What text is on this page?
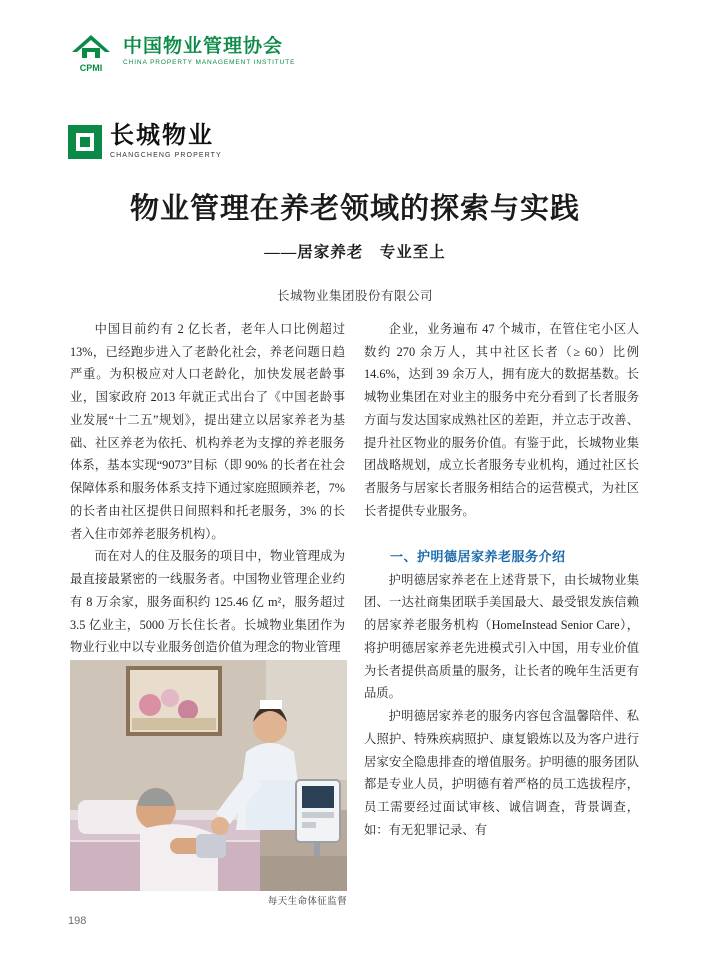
CPMI
中国物业管理协会
CHINA PROPERTY MANAGEMENT INSTITUTE
长城物业
CHANGCHENG PROPERTY
物业管理在养老领域的探索与实践
——居家养老　专业至上
长城物业集团股份有限公司

中国目前约有 2 亿长者，老年人口比例超过 13%，已经跑步进入了老龄化社会，养老问题日趋严重。为积极应对人口老龄化，加快发展老龄事业，国家政府 2013 年就正式出台了《中国老龄事业发展“十二五”规划》，提出建立以居家养老为基础、社区养老为依托、机构养老为支撑的养老服务体系，基本实现“9073”目标（即 90% 的长者在社会保障体系和服务体系支持下通过家庭照顾养老，7% 的长者由社区提供日间照料和托老服务，3% 的长者入住市郊养老服务机构）。

而在对人的住及服务的项目中，物业管理成为最直接最紧密的一线服务者。中国物业管理企业约有 8 万余家，服务面积约 125.46 亿 m²，服务超过 3.5 亿业主，5000 万长住长者。长城物业集团作为物业行业中以专业服务创造价值为理念的物业管理

企业，业务遍布 47 个城市，在管住宅小区人数约 270 余万人，其中社区长者（≥ 60）比例 14.6%，达到 39 余万人，拥有庞大的数据基数。长城物业集团在对业主的服务中充分看到了长者服务方面与发达国家成熟社区的差距，并立志于改善、提升社区物业的服务价值。有鉴于此，长城物业集团战略规划，成立长者服务专业机构，通过社区长者服务与居家长者服务相结合的运营模式，为社区长者提供专业服务。

一、护明德居家养老服务介绍

护明德居家养老在上述背景下，由长城物业集团、一达社商集团联手美国最大、最受银发族信赖的居家养老服务机构（HomeInstead Senior Care），将护明德居家养老先进模式引入中国，用专业价值为长者提供高质量的服务，让长者的晚年生活更有品质。

护明德居家养老的服务内容包含温馨陪伴、私人照护、特殊疾病照护、康复锻炼以及为客户进行居家安全隐患排查的增值服务。护明德的服务团队都是专业人员，护明德有着严格的员工选拔程序，员工需要经过面试审核、诚信调查，背景调查，如：有无犯罪记录、有

每天生命体征监督
198
